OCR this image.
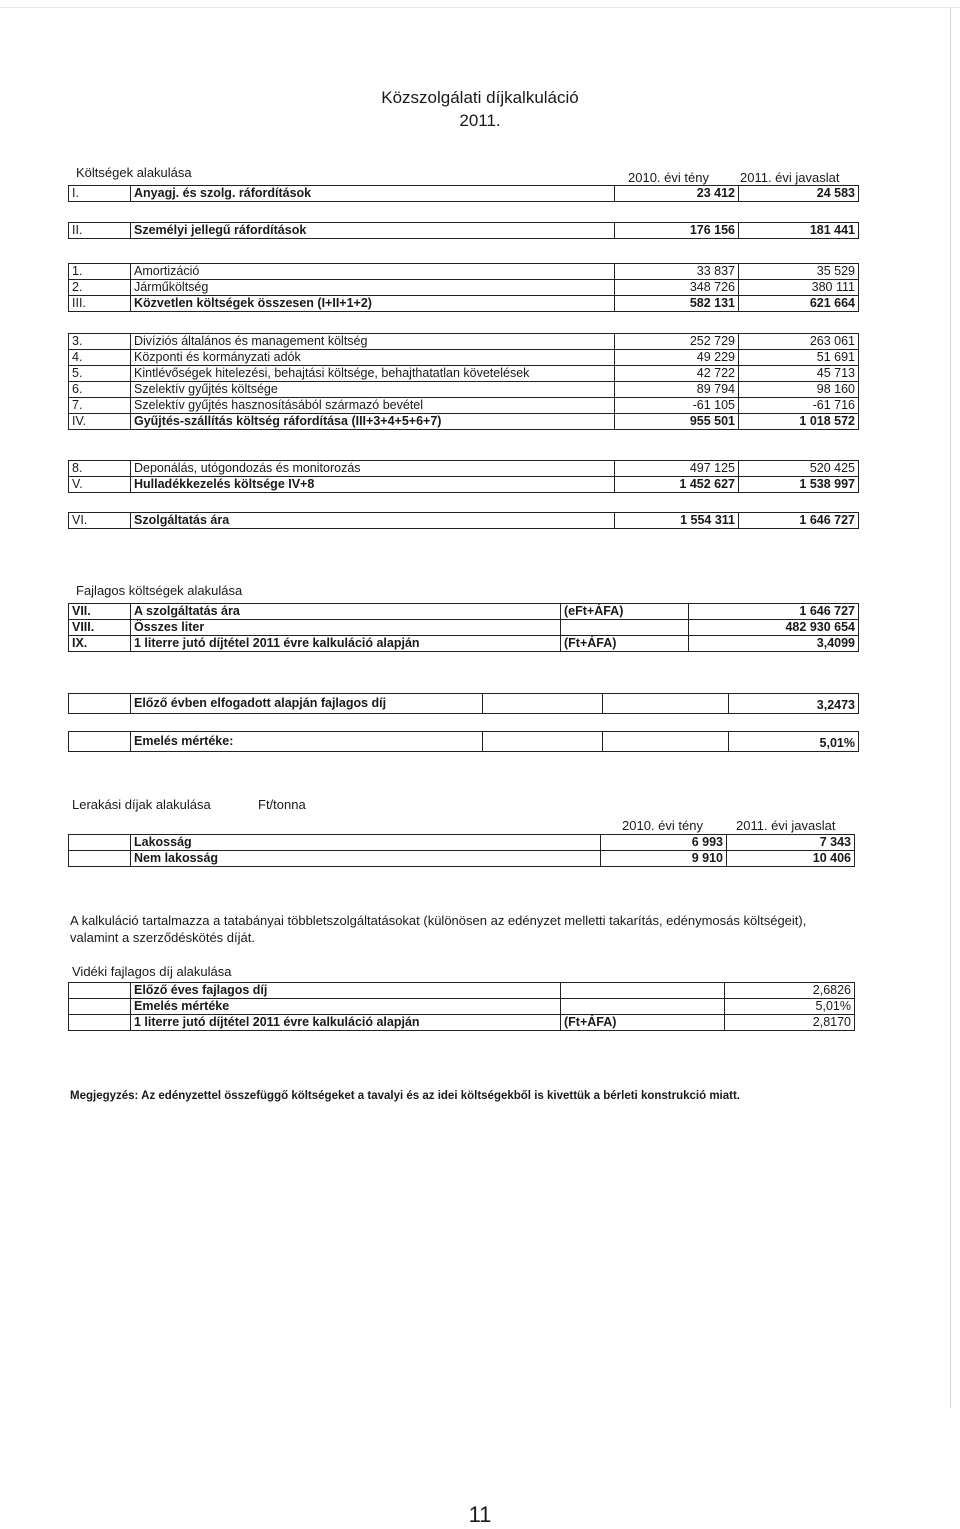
Közszolgálati díjkalkuláció
2011.
Költségek alakulása	2010. évi tény 2011. évi javaslat
I.	Anyagj. és szolg. ráfordítások	23 412	24 583
II.	Személyi jellegű ráfordítások	176 156	181 441
1.	Amortizáció	33 837	35 529
2.	Járműköltség	348 726	380 111
III.	Közvetlen költségek összesen (I+II+1+2)	582 131	621 664
3.	Divíziós általános és management költség	252 729	263 061
4.	Központi és kormányzati adók	49 229	51 691
5.	Kintlévőségek hitelezési, behajtási költsége, behajthatatlan követelések	42 722	45 713
6.	Szelektív gyűjtés költsége	89 794	98 160
7.	Szelektív gyűjtés hasznosításából származó bevétel	-61 105	-61 716
IV.	Gyűjtés-szállítás költség ráfordítása (III+3+4+5+6+7)	955 501	1 018 572
8.	Deponálás, utógondozás és monitorozás	497 125	520 425
V.	Hulladékkezelés költsége IV+8	1 452 627	1 538 997
VI.	Szolgáltatás ára	1 554 311	1 646 727
Fajlagos költségek alakulása
VII.	A szolgáltatás ára	(eFt+ÁFA)	1 646 727
VIII.	Összes liter		482 930 654
IX.	1 literre jutó díjtétel 2011 évre kalkuláció alapján	(Ft+ÁFA)	3,4099
	Előző évben elfogadott alapján fajlagos díj			3,2473
	Emelés mértéke:			5,01%
Lerakási díjak alakulása	Ft/tonna
2010. évi tény	2011. évi javaslat
	Lakosság	6 993	7 343
	Nem lakosság	9 910	10 406
A kalkuláció tartalmazza a tatabányai többletszolgáltatásokat (különösen az edényzet melletti takarítás, edénymosás költségeit), valamint a szerződéskötés díját.
Vidéki fajlagos díj alakulása
	Előző éves fajlagos díj		2,6826
	Emelés mértéke		5,01%
	1 literre jutó díjtétel 2011 évre kalkuláció alapján	(Ft+ÁFA)	2,8170
Megjegyzés: Az edényzettel összefüggő költségeket a tavalyi és az idei költségekből is kivettük a bérleti konstrukció miatt.
11
